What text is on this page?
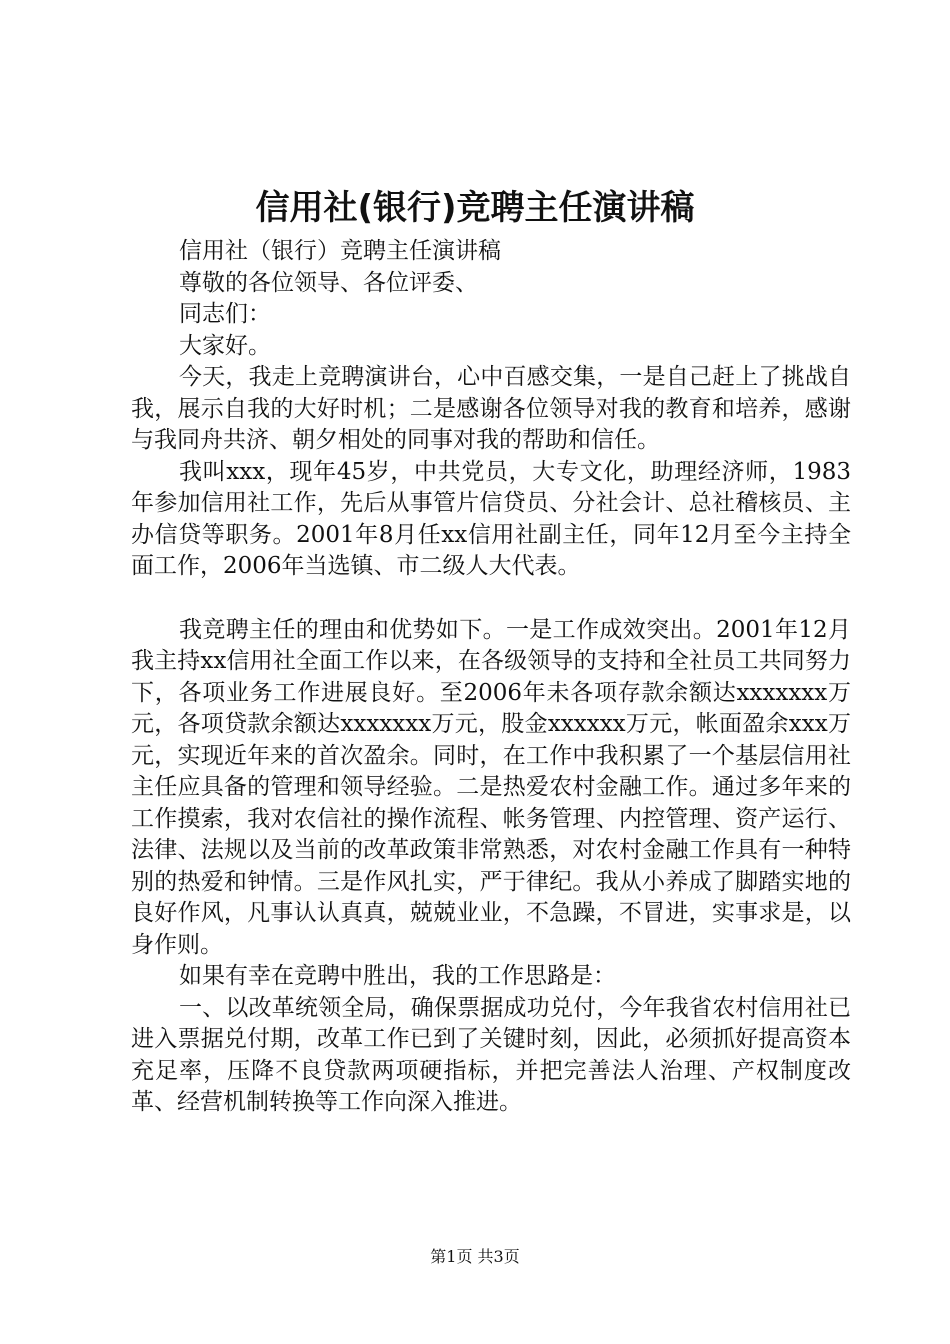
信用社(银行)竞聘主任演讲稿

信用社（银行）竞聘主任演讲稿

尊敬的各位领导、各位评委、

同志们：

大家好。

今天，我走上竞聘演讲台，心中百感交集，一是自己赶上了挑战自我，展示自我的大好时机；二是感谢各位领导对我的教育和培养，感谢与我同舟共济、朝夕相处的同事对我的帮助和信任。

我叫xxx，现年45岁，中共党员，大专文化，助理经济师，1983年参加信用社工作，先后从事管片信贷员、分社会计、总社稽核员、主办信贷等职务。2001年8月任xx信用社副主任，同年12月至今主持全面工作，2006年当选镇、市二级人大代表。

我竞聘主任的理由和优势如下。一是工作成效突出。2001年12月我主持xx信用社全面工作以来，在各级领导的支持和全社员工共同努力下，各项业务工作进展良好。至2006年未各项存款余额达xxxxxxx万元，各项贷款余额达xxxxxxx万元，股金xxxxxx万元，帐面盈余xxx万元，实现近年来的首次盈余。同时，在工作中我积累了一个基层信用社主任应具备的管理和领导经验。二是热爱农村金融工作。通过多年来的工作摸索，我对农信社的操作流程、帐务管理、内控管理、资产运行、法律、法规以及当前的改革政策非常熟悉，对农村金融工作具有一种特别的热爱和钟情。三是作风扎实，严于律纪。我从小养成了脚踏实地的良好作风，凡事认认真真，兢兢业业，不急躁，不冒进，实事求是，以身作则。

如果有幸在竞聘中胜出，我的工作思路是：

一、以改革统领全局，确保票据成功兑付，今年我省农村信用社已进入票据兑付期，改革工作已到了关键时刻，因此，必须抓好提高资本充足率，压降不良贷款两项硬指标，并把完善法人治理、产权制度改革、经营机制转换等工作向深入推进。

第1页 共3页
